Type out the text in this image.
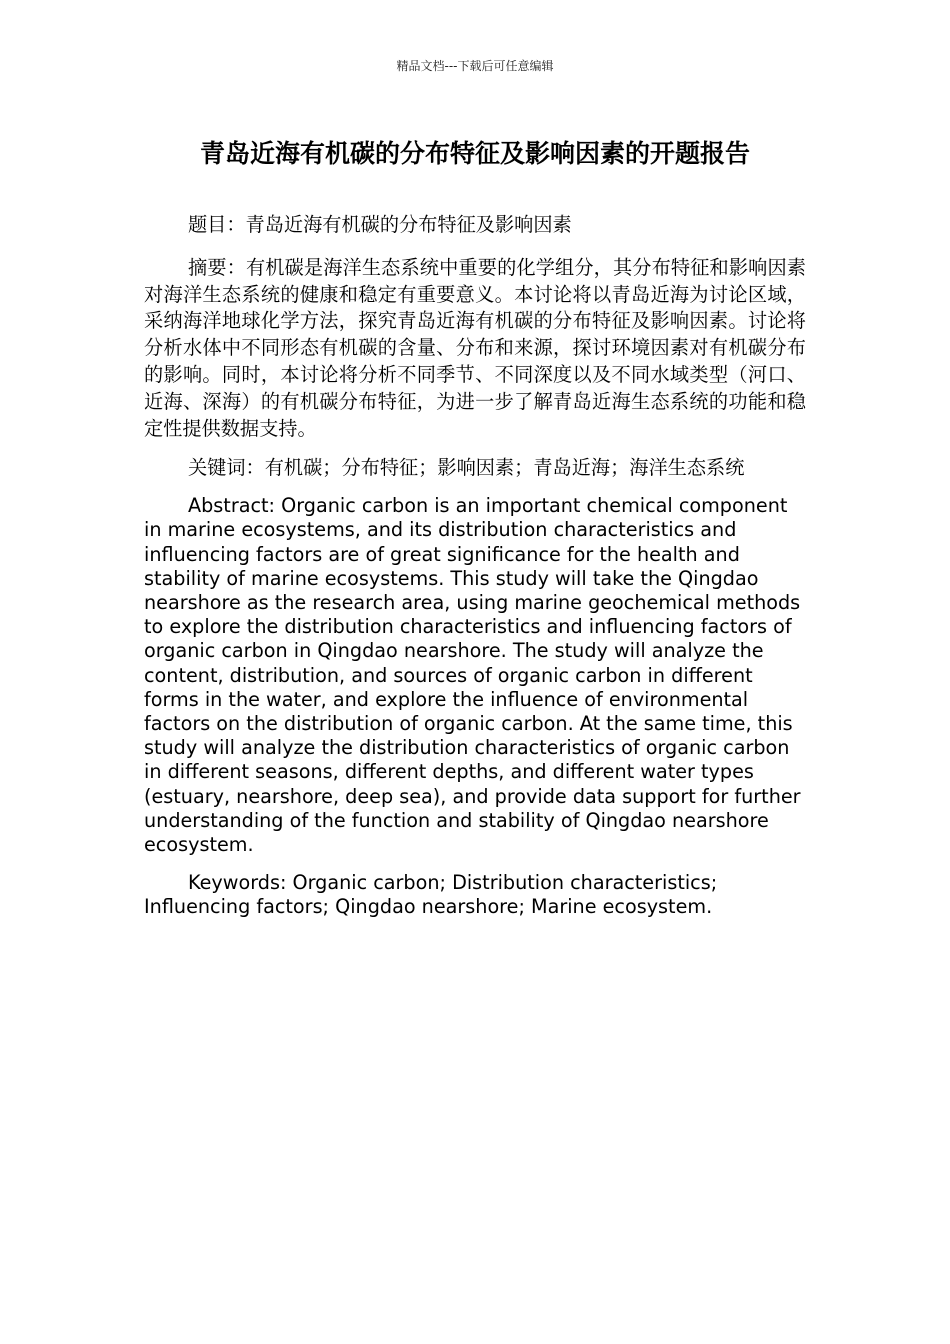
精品文档---下载后可任意编辑
青岛近海有机碳的分布特征及影响因素的开题报告

题目：青岛近海有机碳的分布特征及影响因素

摘要：有机碳是海洋生态系统中重要的化学组分，其分布特征和影响因素对海洋生态系统的健康和稳定有重要意义。本讨论将以青岛近海为讨论区域，采纳海洋地球化学方法，探究青岛近海有机碳的分布特征及影响因素。讨论将分析水体中不同形态有机碳的含量、分布和来源，探讨环境因素对有机碳分布的影响。同时，本讨论将分析不同季节、不同深度以及不同水域类型（河口、近海、深海）的有机碳分布特征，为进一步了解青岛近海生态系统的功能和稳定性提供数据支持。

关键词：有机碳；分布特征；影响因素；青岛近海；海洋生态系统

Abstract: Organic carbon is an important chemical component in marine ecosystems, and its distribution characteristics and influencing factors are of great significance for the health and stability of marine ecosystems. This study will take the Qingdao nearshore as the research area, using marine geochemical methods to explore the distribution characteristics and influencing factors of organic carbon in Qingdao nearshore. The study will analyze the content, distribution, and sources of organic carbon in different forms in the water, and explore the influence of environmental factors on the distribution of organic carbon. At the same time, this study will analyze the distribution characteristics of organic carbon in different seasons, different depths, and different water types (estuary, nearshore, deep sea), and provide data support for further understanding of the function and stability of Qingdao nearshore ecosystem.

Keywords: Organic carbon; Distribution characteristics; Influencing factors; Qingdao nearshore; Marine ecosystem.
